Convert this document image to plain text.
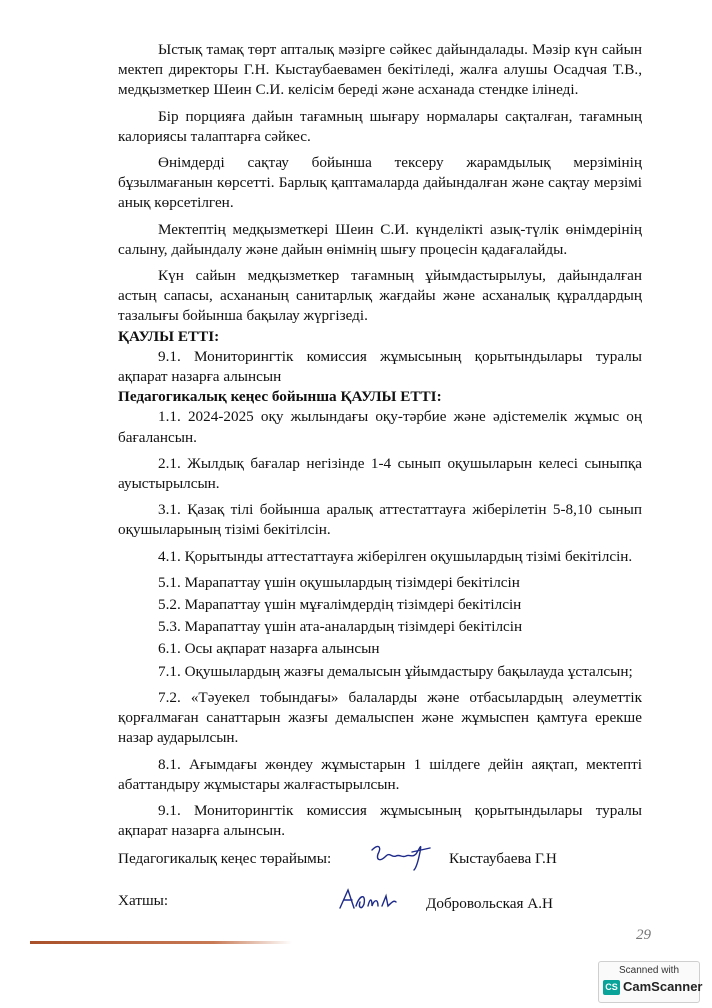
Ыстық тамақ төрт апталық мәзірге сәйкес дайындалады. Мәзір күн сайын мектеп директоры Г.Н. Кыстаубаевамен бекітіледі, жалға алушы Осадчая Т.В., медқызметкер Шеин С.И. келісім береді және асханада стендке ілінеді.

Бір порцияға дайын тағамның шығару нормалары сақталған, тағамның калориясы талаптарға сәйкес.

Өнімдерді сақтау бойынша тексеру жарамдылық мерзімінің бұзылмағанын көрсетті. Барлық қаптамаларда дайындалған және сақтау мерзімі анық көрсетілген.

Мектептің медқызметкері Шеин С.И. күнделікті азық-түлік өнімдерінің салыну, дайындалу және дайын өнімнің шығу процесін қадағалайды.

Күн сайын медқызметкер тағамның ұйымдастырылуы, дайындалған астың сапасы, асхананың санитарлық жағдайы және асханалық құралдардың тазалығы бойынша бақылау жүргізеді.

ҚАУЛЫ ЕТТІ:

9.1. Мониторингтік комиссия жұмысының қорытындылары туралы ақпарат назарға алынсын

Педагогикалық кеңес бойынша ҚАУЛЫ ЕТТІ:

1.1. 2024-2025 оқу жылындағы оқу-тәрбие және әдістемелік жұмыс оң бағалансын.

2.1. Жылдық бағалар негізінде 1-4 сынып оқушыларын келесі сыныпқа ауыстырылсын.

3.1. Қазақ тілі бойынша аралық аттестаттауға жіберілетін 5-8,10 сынып оқушыларының тізімі бекітілсін.

4.1. Қорытынды аттестаттауға жіберілген оқушылардың тізімі бекітілсін.

5.1. Марапаттау үшін оқушылардың тізімдері бекітілсін

5.2. Марапаттау үшін мұғалімдердің тізімдері бекітілсін

5.3. Марапаттау үшін ата-аналардың тізімдері бекітілсін

6.1. Осы ақпарат назарға алынсын

7.1. Оқушылардың жазғы демалысын ұйымдастыру бақылауда ұсталсын;

7.2. «Тәуекел тобындағы» балаларды және отбасылардың әлеуметтік қорғалмаған санаттарын жазғы демалыспен және жұмыспен қамтуға ерекше назар аударылсын.

8.1. Ағымдағы жөндеу жұмыстарын 1 шілдеге дейін аяқтап, мектепті абаттандыру жұмыстары жалғастырылсын.

9.1. Мониторингтік комиссия жұмысының қорытындылары туралы ақпарат назарға алынсын.

Педагогикалық кеңес төрайымы:	Кыстаубаева Г.Н
Хатшы:	Добровольская А.Н
29
Scanned with
CS CamScanner
